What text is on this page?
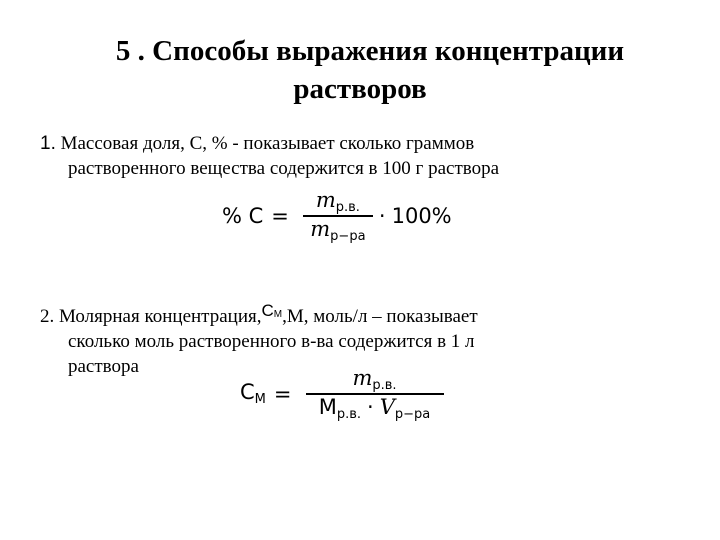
5 . Способы выражения концентрации
растворов
1. Массовая доля, С, % - показывает сколько граммов
растворенного вещества содержится в 100 г раствора
% $C = \frac{m_{р.в.}}{m_{р-ра}} \cdot 100\%$
2. Молярная $концентрация,C_М,М$, моль/л – показывает
сколько моль растворенного в-ва содержится в 1 л
раствора
$C_М = \frac{m_{р.в.}}{M_{р.в.} \cdot V_{р-ра}}$
